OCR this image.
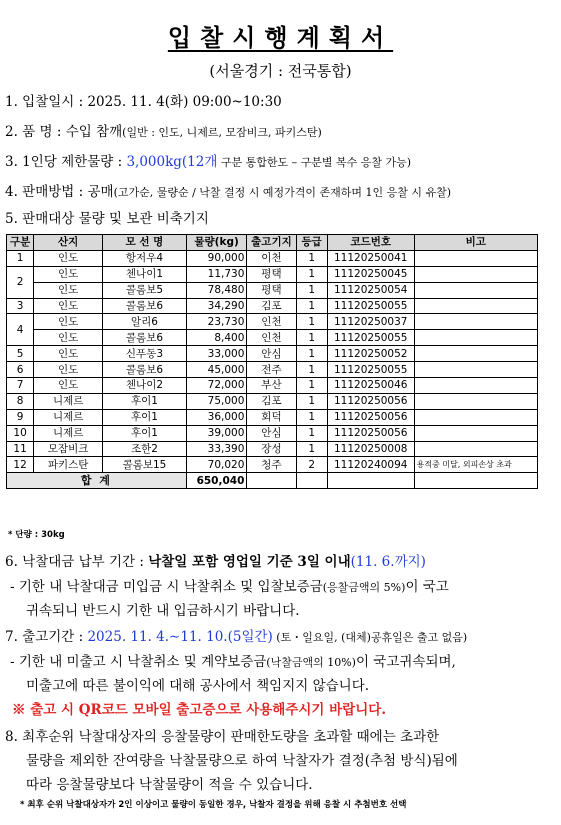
입찰시행계획서
(서울경기 : 전국통합)
1. 입찰일시 : 2025. 11. 4(화) 09:00~10:30
2. 품 명 : 수입 참깨(일반 : 인도, 니제르, 모잠비크, 파키스탄)
3. 1인당 제한물량 : 3,000kg(12개 구분 통합한도 – 구분별 복수 응찰 가능)
4. 판매방법 : 공매(고가순, 물량순 / 낙찰 결정 시 예정가격이 존재하며 1인 응찰 시 유찰)
5. 판매대상 물량 및 보관 비축기지
구분	산지	모 선 명	물량(kg)	출고기지	등급	코드번호	비고
1	인도	항저우4	90,000	이천	1	11120250041	
2	인도	첸나이1	11,730	평택	1	11120250045	
	인도	콜롬보5	78,480	평택	1	11120250054	
3	인도	콜롬보6	34,290	김포	1	11120250055	
4	인도	알리6	23,730	인천	1	11120250037	
	인도	콜롬보6	8,400	인천	1	11120250055	
5	인도	신푸동3	33,000	안심	1	11120250052	
6	인도	콜롬보6	45,000	전주	1	11120250055	
7	인도	첸나이2	72,000	부산	1	11120250046	
8	니제르	후이1	75,000	김포	1	11120250056	
9	니제르	후이1	36,000	회덕	1	11120250056	
10	니제르	후이1	39,000	안심	1	11120250056	
11	모잠비크	조한2	33,390	장성	1	11120250008	
12	파키스탄	콜롬보15	70,020	청주	2	11120240094	용적중 미달, 외피손상 초과
합 계			650,040				
* 단량 : 30kg
6. 낙찰대금 납부 기간 : 낙찰일 포함 영업일 기준 3일 이내(11. 6.까지)
- 기한 내 낙찰대금 미입금 시 낙찰취소 및 입찰보증금(응찰금액의 5%)이 국고
귀속되니 반드시 기한 내 입금하시기 바랍니다.
7. 출고기간 : 2025. 11. 4.∼11. 10.(5일간) (토・일요일, (대체)공휴일은 출고 없음)
- 기한 내 미출고 시 낙찰취소 및 계약보증금(낙찰금액의 10%)이 국고귀속되며,
미출고에 따른 불이익에 대해 공사에서 책임지지 않습니다.
※ 출고 시 QR코드 모바일 출고증으로 사용해주시기 바랍니다.
8. 최후순위 낙찰대상자의 응찰물량이 판매한도량을 초과할 때에는 초과한
물량을 제외한 잔여량을 낙찰물량으로 하여 낙찰자가 결정(추첨 방식)됨에
따라 응찰물량보다 낙찰물량이 적을 수 있습니다.
* 최후 순위 낙찰대상자가 2인 이상이고 물량이 동일한 경우, 낙찰자 결정을 위해 응찰 시 추첨번호 선택
